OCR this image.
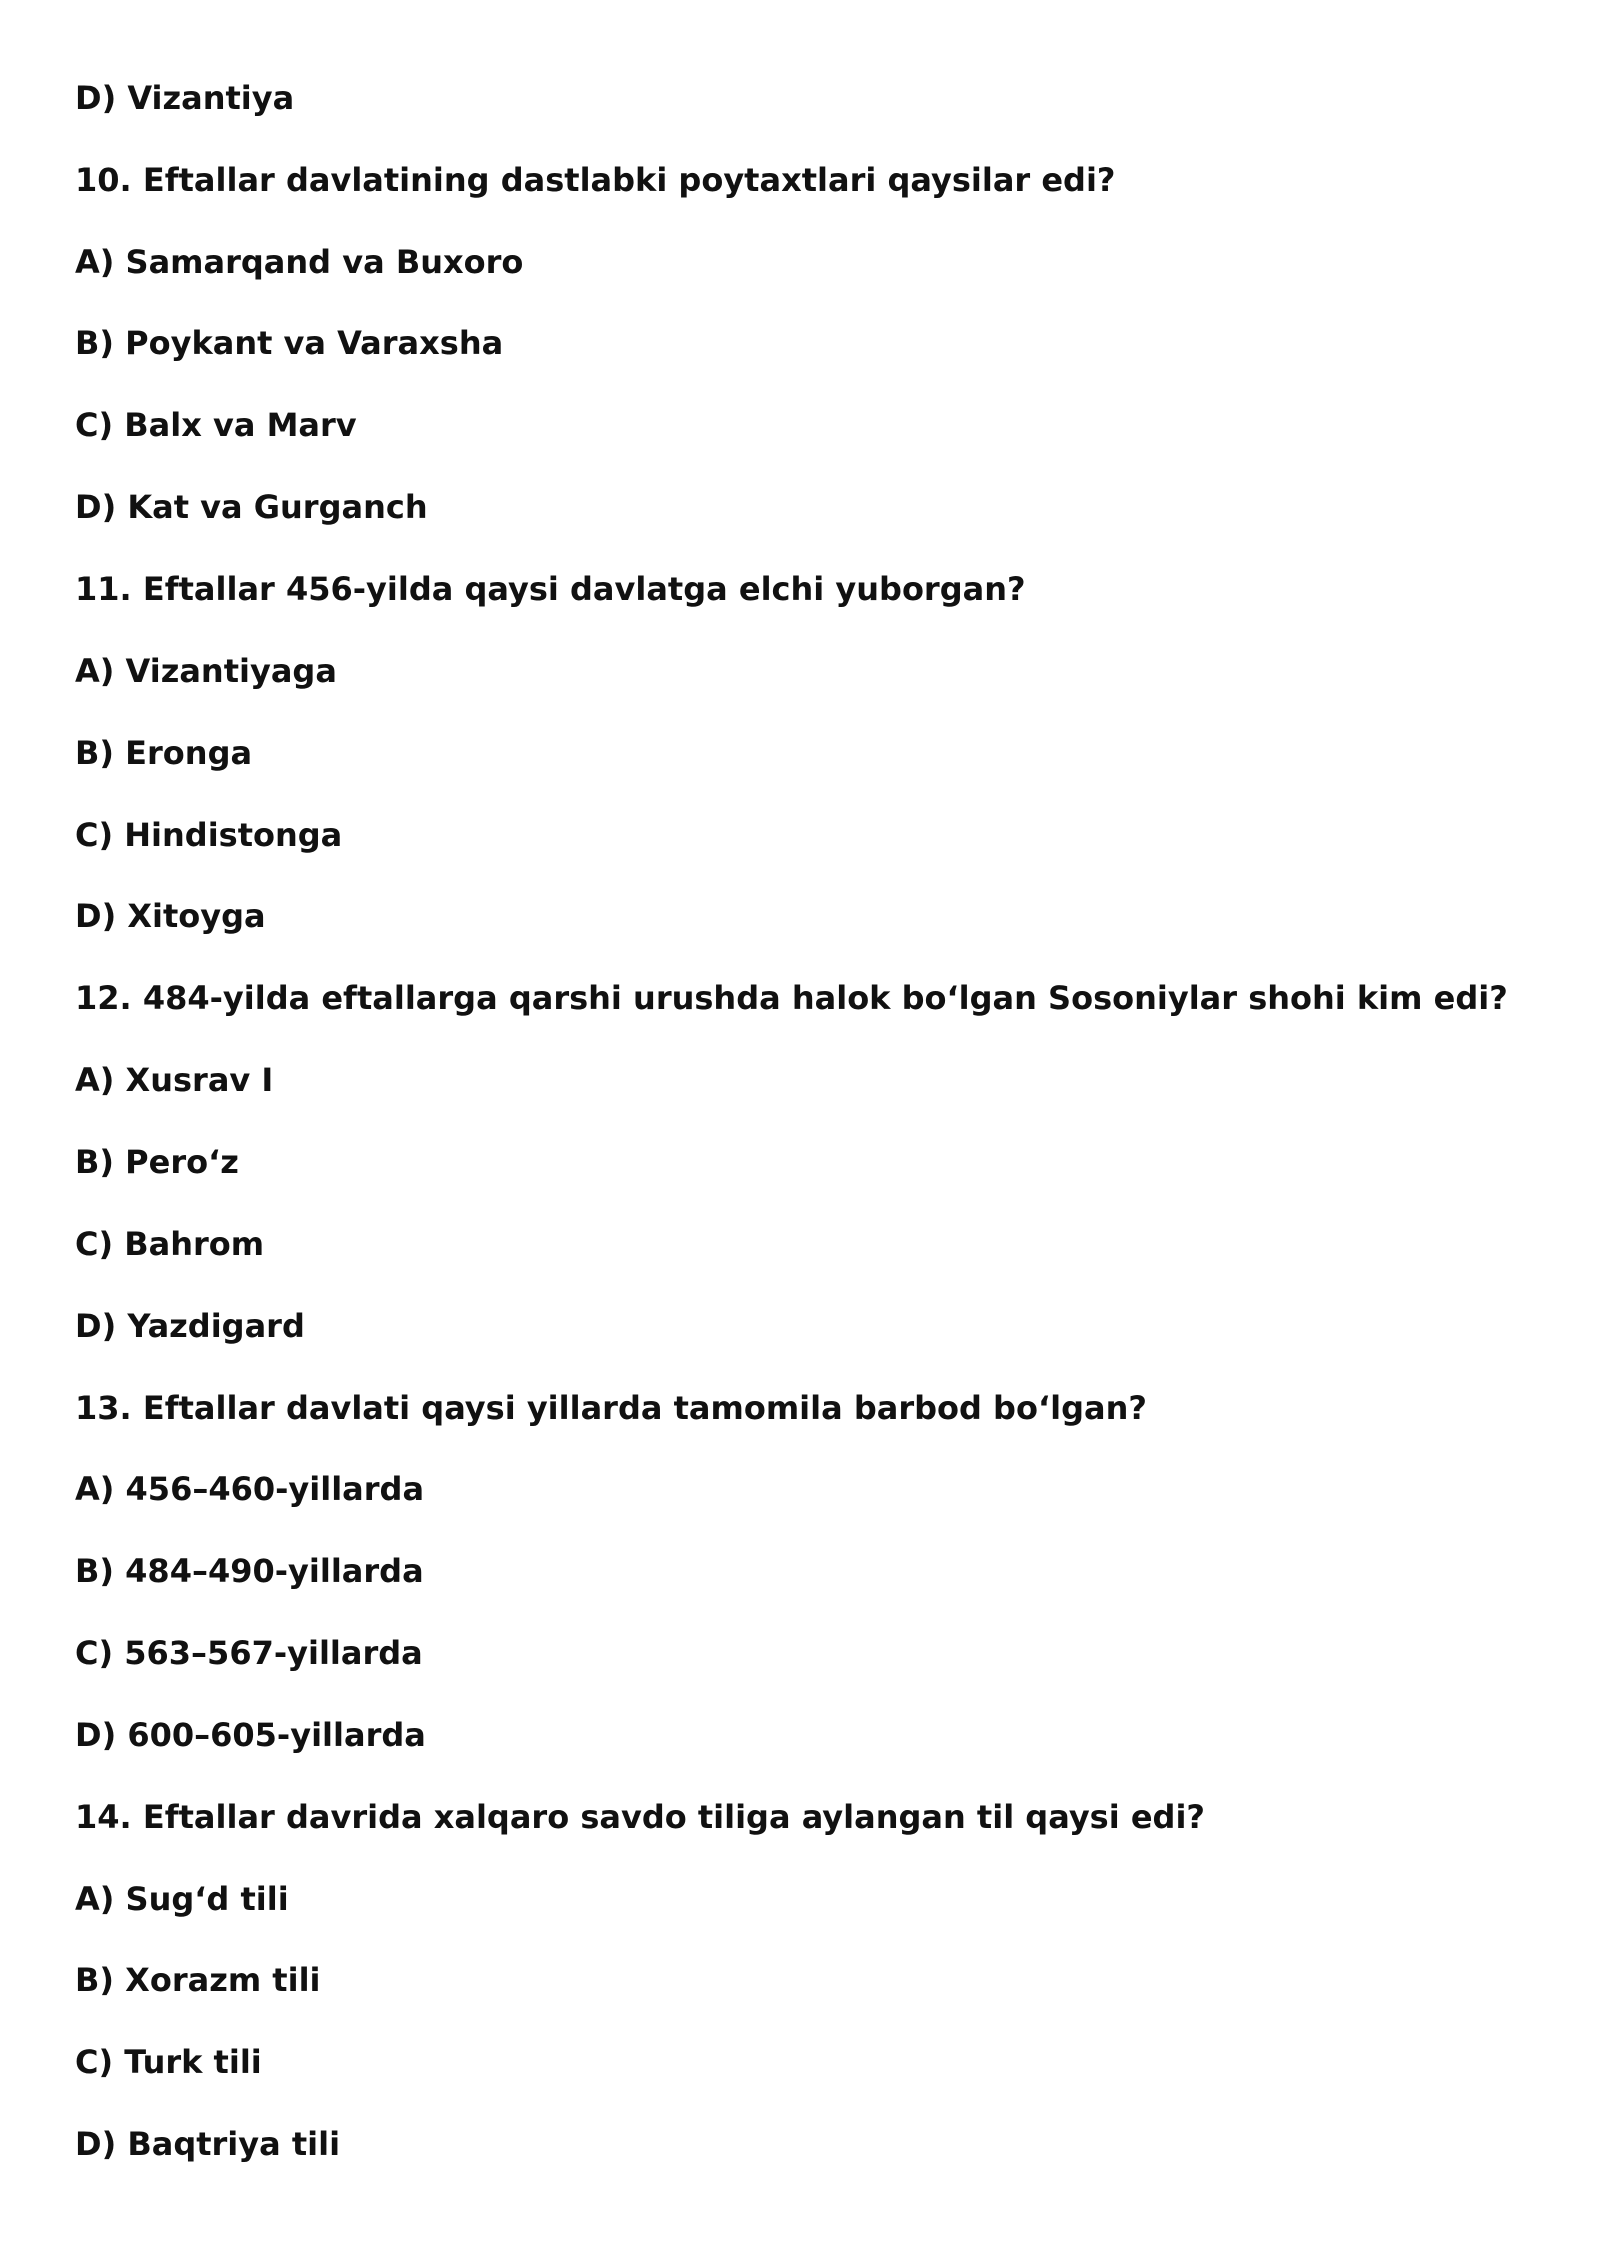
D) Vizantiya

10. Eftallar davlatining dastlabki poytaxtlari qaysilar edi?

A) Samarqand va Buxoro

B) Poykant va Varaxsha

C) Balx va Marv

D) Kat va Gurganch

11. Eftallar 456-yilda qaysi davlatga elchi yuborgan?

A) Vizantiyaga

B) Eronga

C) Hindistonga

D) Xitoyga

12. 484-yilda eftallarga qarshi urushda halok bo‘lgan Sosoniylar shohi kim edi?

A) Xusrav I

B) Pero‘z

C) Bahrom

D) Yazdigard

13. Eftallar davlati qaysi yillarda tamomila barbod bo‘lgan?

A) 456–460-yillarda

B) 484–490-yillarda

C) 563–567-yillarda

D) 600–605-yillarda

14. Eftallar davrida xalqaro savdo tiliga aylangan til qaysi edi?

A) Sug‘d tili

B) Xorazm tili

C) Turk tili

D) Baqtriya tili
